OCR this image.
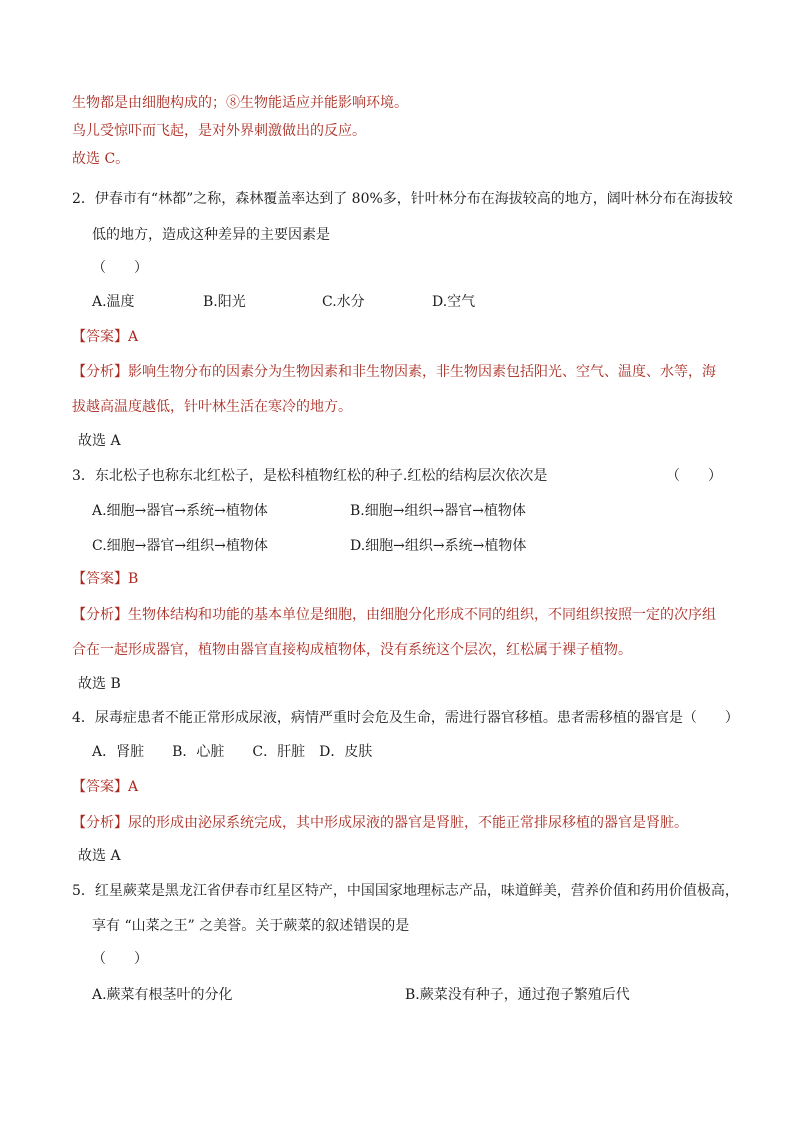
生物都是由细胞构成的；⑧生物能适应并能影响环境。
鸟儿受惊吓而飞起，是对外界刺激做出的反应。
故选 C。
2．伊春市有“林都”之称，森林覆盖率达到了 80%多，针叶林分布在海拔较高的地方，阔叶林分布在海拔较
低的地方，造成这种差异的主要因素是
（　　）
A.温度	B.阳光	C.水分	D.空气
【答案】A
【分析】影响生物分布的因素分为生物因素和非生物因素，非生物因素包括阳光、空气、温度、水等，海
拔越高温度越低，针叶林生活在寒冷的地方。
故选 A
3．东北松子也称东北红松子，是松科植物红松的种子.红松的结构层次依次是	（　　）
A.细胞→器官→系统→植物体	B.细胞→组织→器官→植物体
C.细胞→器官→组织→植物体	D.细胞→组织→系统→植物体
【答案】B
【分析】生物体结构和功能的基本单位是细胞，由细胞分化形成不同的组织，不同组织按照一定的次序组
合在一起形成器官，植物由器官直接构成植物体，没有系统这个层次，红松属于裸子植物。
故选 B
4．尿毒症患者不能正常形成尿液，病情严重时会危及生命，需进行器官移植。患者需移植的器官是（　　）
A．肾脏　　B．心脏　　C．肝脏　D．皮肤
【答案】A
【分析】尿的形成由泌尿系统完成，其中形成尿液的器官是肾脏，不能正常排尿移植的器官是肾脏。
故选 A
5．红星蕨菜是黑龙江省伊春市红星区特产，中国国家地理标志产品，味道鲜美，营养价值和药用价值极高，
享有 “山菜之王” 之美誉。关于蕨菜的叙述错误的是
（　　）
A.蕨菜有根茎叶的分化	B.蕨菜没有种子，通过孢子繁殖后代
